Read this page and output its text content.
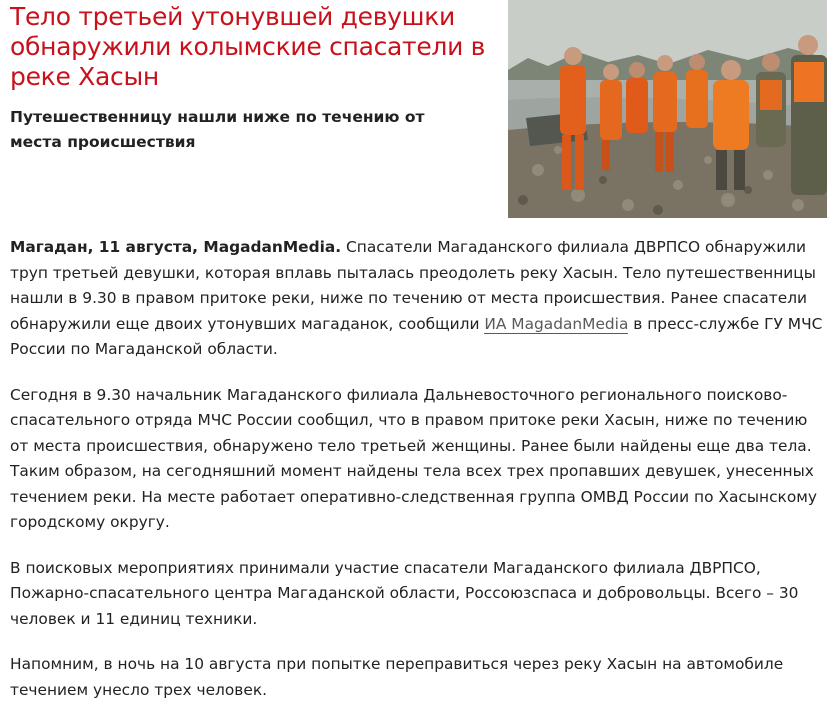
Тело третьей утонувшей девушки обнаружили колымские спасатели в реке Хасын
Путешественницу нашли ниже по течению от места происшествия

Магадан, 11 августа, MagadanMedia. Спасатели Магаданского филиала ДВРПСО обнаружили труп третьей девушки, которая вплавь пыталась преодолеть реку Хасын. Тело путешественницы нашли в 9.30 в правом притоке реки, ниже по течению от места происшествия. Ранее спасатели обнаружили еще двоих утонувших магаданок, сообщили ИА MagadanMedia в пресс-службе ГУ МЧС России по Магаданской области.

Сегодня в 9.30 начальник Магаданского филиала Дальневосточного регионального поисково-спасательного отряда МЧС России сообщил, что в правом притоке реки Хасын, ниже по течению от места происшествия, обнаружено тело третьей женщины. Ранее были найдены еще два тела. Таким образом, на сегодняшний момент найдены тела всех трех пропавших девушек, унесенных течением реки. На месте работает оперативно-следственная группа ОМВД России по Хасынскому городскому округу.

В поисковых мероприятиях принимали участие спасатели Магаданского филиала ДВРПСО, Пожарно-спасательного центра Магаданской области, Россоюзспаса и добровольцы. Всего – 30 человек и 11 единиц техники.

Напомним, в ночь на 10 августа при попытке переправиться через реку Хасын на автомобиле течением унесло трех человек.
